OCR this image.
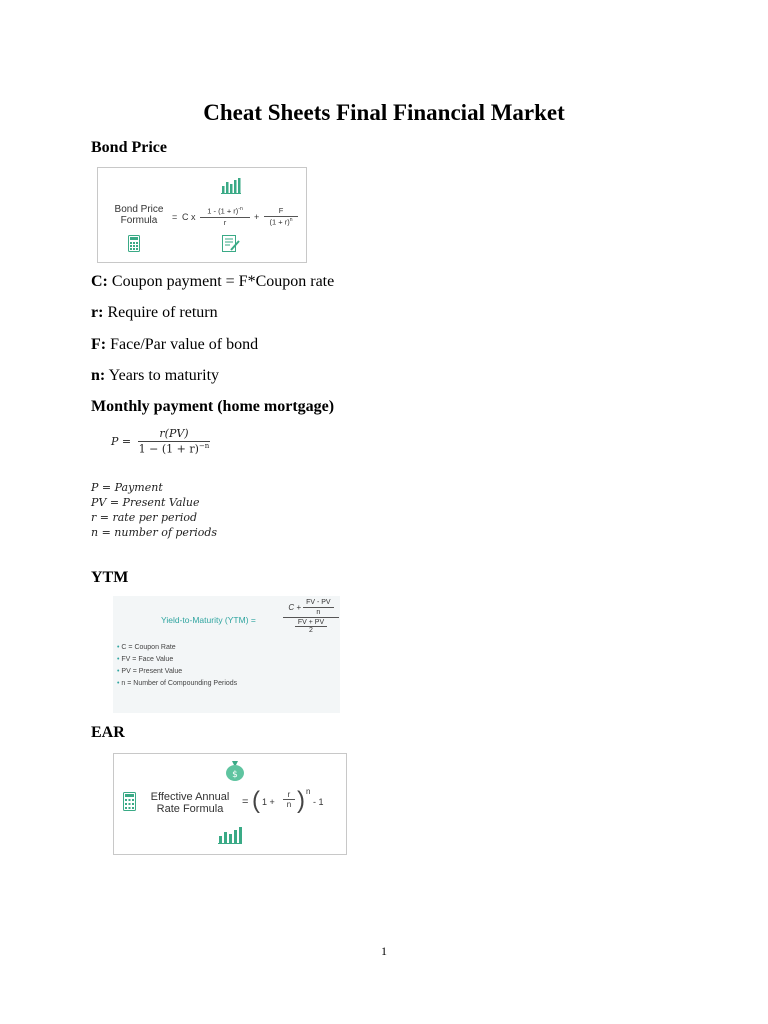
Cheat Sheets Final Financial Market
Bond Price
Bond Price
Formula	= C x
$1 - (1 + r)^{-n}$
r	+
F
$(1 + r)^n$
C: Coupon payment = F*Coupon rate
r: Require of return
F: Face/Par value of bond
n: Years to maturity
Monthly payment (home mortgage)
P =
r(PV)
$1 - (1 + r)^{-n}$
P = Payment
PV = Present Value
r = rate per period
n = number of periods
YTM
Yield-to-Maturity (YTM) =
$C + \frac{FV - PV}{n}$
FV + PV
2
• C = Coupon Rate
• FV = Face Value
• PV = Present Value
• n = Number of Compounding Periods
EAR
$
Effective Annual
Rate Formula
= ( 1 +
r
n ) n
- 1
1
